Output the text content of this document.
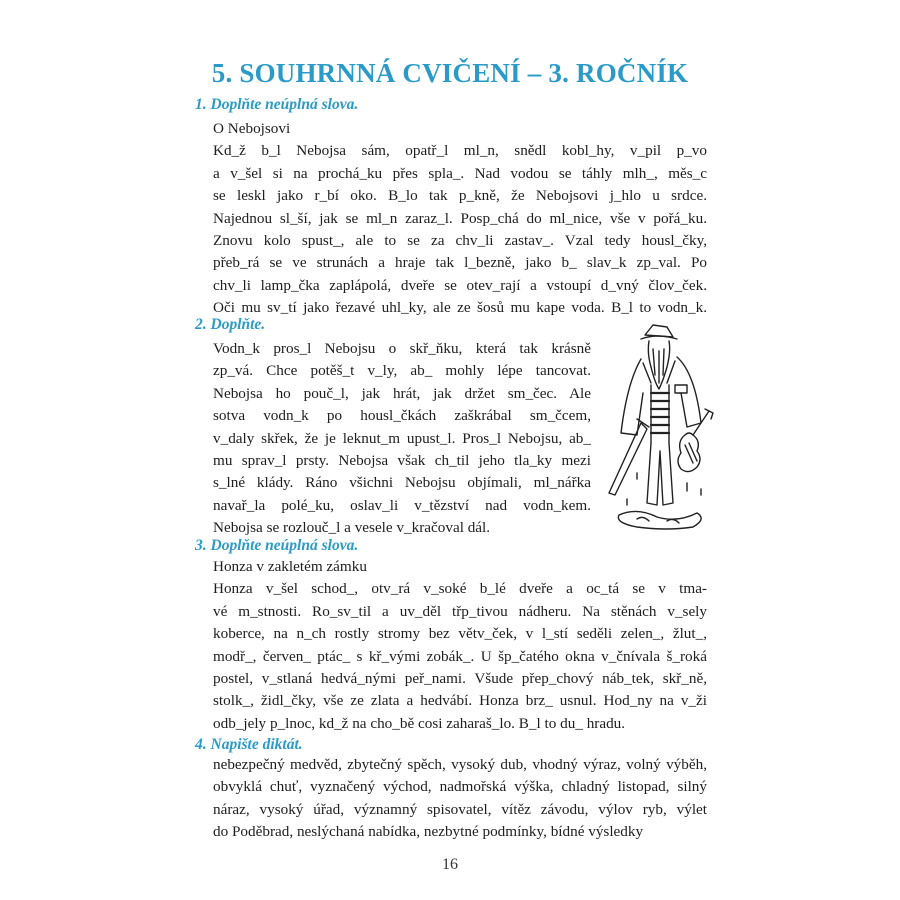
5. SOUHRNNÁ CVIČENÍ – 3. ROČNÍK
1. Doplňte neúplná slova.
O Nebojsovi
Kd_ž b_l Nebojsa sám, opatř_l ml_n, snědl kobl_hy, v_pil p_vo
a v_šel si na prochá_ku přes spla_. Nad vodou se táhly mlh_, měs_c
se leskl jako r_bí oko. B_lo tak p_kně, že Nebojsovi j_hlo u srdce.
Najednou sl_ší, jak se ml_n zaraz_l. Posp_chá do ml_nice, vše v pořá_ku.
Znovu kolo spust_, ale to se za chv_li zastav_. Vzal tedy housl_čky,
přeb_rá se ve strunách a hraje tak l_bezně, jako b_ slav_k zp_val. Po
chv_li lamp_čka zaplápolá, dveře se otev_rají a vstoupí d_vný člov_ček.
Oči mu sv_tí jako řezavé uhl_ky, ale ze šosů mu kape voda. B_l to vodn_k.
2. Doplňte.
Vodn_k pros_l Nebojsu o skř_ňku, která tak krásně
zp_vá. Chce potěš_t v_ly, ab_ mohly lépe tancovat.
Nebojsa ho pouč_l, jak hrát, jak držet sm_čec. Ale
sotva vodn_k po housl_čkách zaškrábal sm_čcem,
v_daly skřek, že je leknut_m upust_l. Pros_l Nebojsu, ab_
mu sprav_l prsty. Nebojsa však ch_til jeho tla_ky mezi
s_lné klády. Ráno všichni Nebojsu objímali, ml_nářka
navař_la polé_ku, oslav_li v_tězství nad vodn_kem.
Nebojsa se rozlouč_l a vesele v_kračoval dál.
3. Doplňte neúplná slova.
Honza v zakletém zámku
Honza v_šel schod_, otv_rá v_soké b_lé dveře a oc_tá se v tma-
vé m_stnosti. Ro_sv_til a uv_děl třp_tivou nádheru. Na stěnách v_sely
koberce, na n_ch rostly stromy bez větv_ček, v l_stí seděli zelen_, žlut_,
modř_, červen_ ptác_ s kř_vými zobák_. U šp_čatého okna v_čnívala š_roká
postel, v_stlaná hedvá_nými peř_nami. Všude přep_chový náb_tek, skř_ně,
stolk_, židl_čky, vše ze zlata a hedvábí. Honza brz_ usnul. Hod_ny na v_ži
odb_jely p_lnoc, kd_ž na cho_bě cosi zaharaš_lo. B_l to du_ hradu.
4. Napište diktát.
nebezpečný medvěd, zbytečný spěch, vysoký dub, vhodný výraz, volný výběh,
obvyklá chuť, vyznačený východ, nadmořská výška, chladný listopad, silný
náraz, vysoký úřad, významný spisovatel, vítěz závodu, výlov ryb, výlet
do Poděbrad, neslýchaná nabídka, nezbytné podmínky, bídné výsledky
16
